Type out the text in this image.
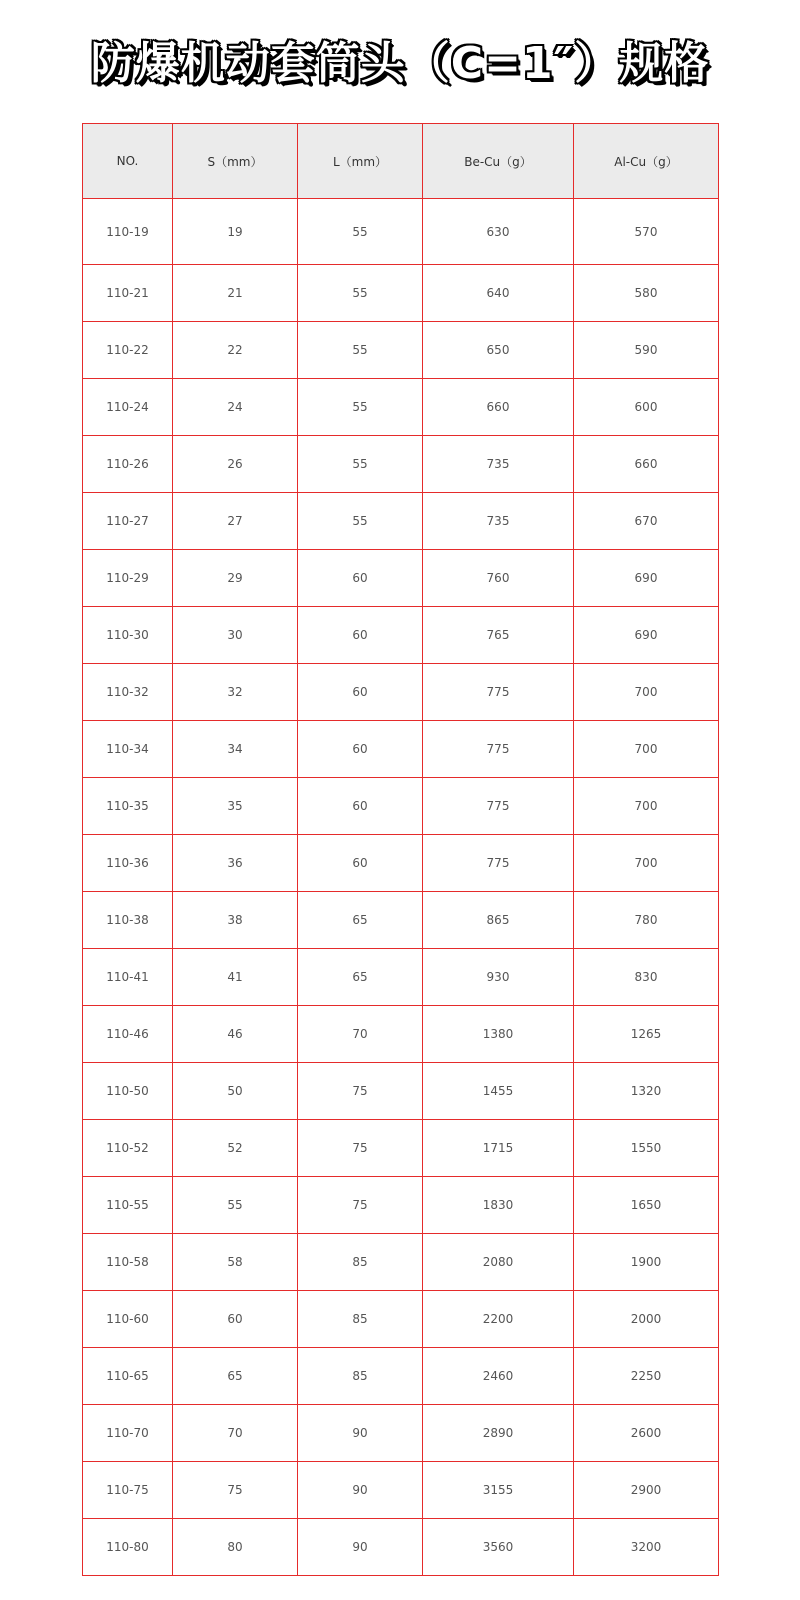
防爆机动套筒头（C=1″）规格
NO.	S（mm）	L（mm）	Be-Cu（g）	Al-Cu（g）
110-19	19	55	630	570
110-21	21	55	640	580
110-22	22	55	650	590
110-24	24	55	660	600
110-26	26	55	735	660
110-27	27	55	735	670
110-29	29	60	760	690
110-30	30	60	765	690
110-32	32	60	775	700
110-34	34	60	775	700
110-35	35	60	775	700
110-36	36	60	775	700
110-38	38	65	865	780
110-41	41	65	930	830
110-46	46	70	1380	1265
110-50	50	75	1455	1320
110-52	52	75	1715	1550
110-55	55	75	1830	1650
110-58	58	85	2080	1900
110-60	60	85	2200	2000
110-65	65	85	2460	2250
110-70	70	90	2890	2600
110-75	75	90	3155	2900
110-80	80	90	3560	3200
